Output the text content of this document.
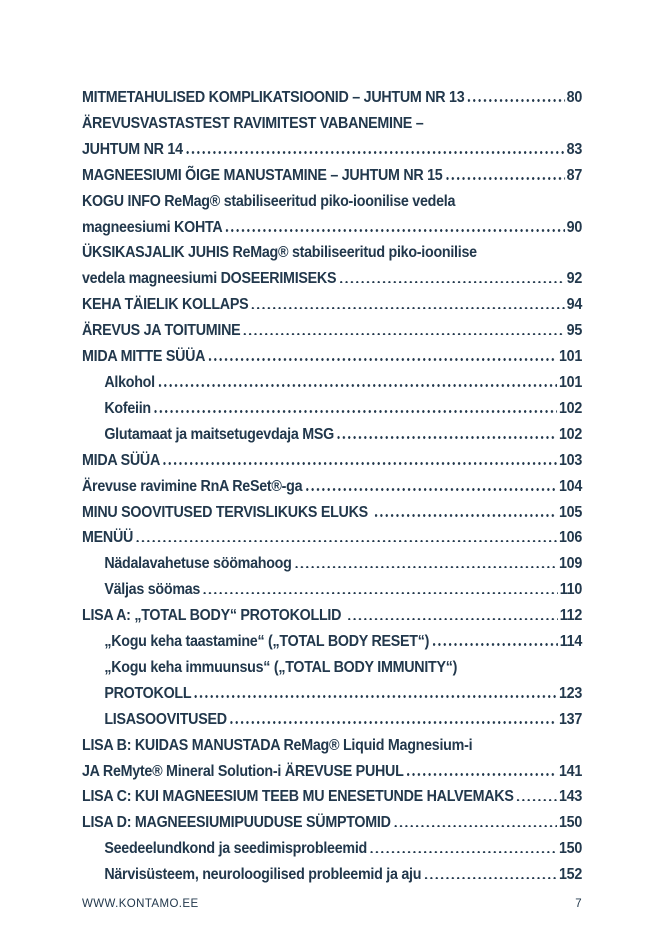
MITMETAHULISED KOMPLIKATSIOONID – JUHTUM NR 13	80
ÄREVUSVASTASTEST RAVIMITEST VABANEMINE –
JUHTUM NR 14	83
MAGNEESIUMI ÕIGE MANUSTAMINE – JUHTUM NR 15	87
KOGU INFO ReMag® stabiliseeritud piko-ioonilise vedela
magneesiumi KOHTA	90
ÜKSIKASJALIK JUHIS ReMag® stabiliseeritud piko-ioonilise
vedela magneesiumi DOSEERIMISEKS	92
KEHA TÄIELIK KOLLAPS	94
ÄREVUS JA TOITUMINE	95
MIDA MITTE SÜÜA	101
Alkohol	101
Kofeiin	102
Glutamaat ja maitsetugevdaja MSG	102
MIDA SÜÜA	103
Ärevuse ravimine RnA ReSet®-ga	104
MINU SOOVITUSED TERVISLIKUKS ELUKS	105
MENÜÜ	106
Nädalavahetuse söömahoog	109
Väljas söömas	110
LISA A: „TOTAL BODY“ PROTOKOLLID	112
„Kogu keha taastamine“ („TOTAL BODY RESET“)	114
„Kogu keha immuunsus“ („TOTAL BODY IMMUNITY“)
PROTOKOLL	123
LISASOOVITUSED	137
LISA B: KUIDAS MANUSTADA ReMag® Liquid Magnesium-i
JA ReMyte® Mineral Solution-i ÄREVUSE PUHUL	141
LISA C: KUI MAGNEESIUM TEEB MU ENESETUNDE HALVEMAKS	143
LISA D: MAGNEESIUMIPUUDUSE SÜMPTOMID	150
Seedeelundkond ja seedimisprobleemid	150
Närvisüsteem, neuroloogilised probleemid ja aju	152
WWW.KONTAMO.EE	7
